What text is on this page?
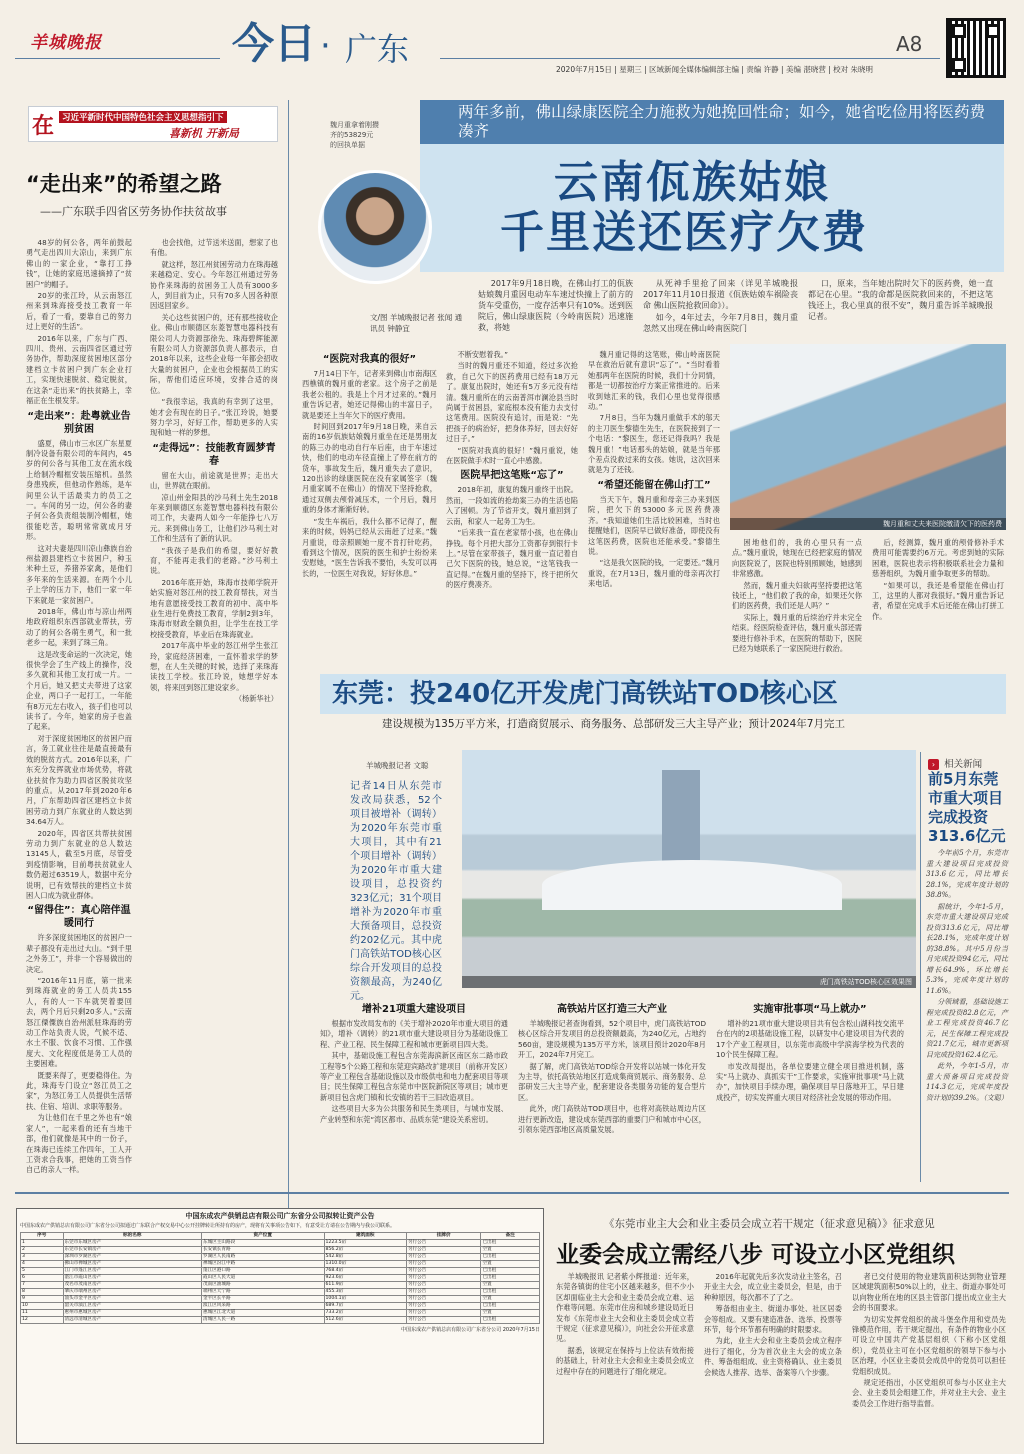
羊城晚报	今日 · 广东	A8
2020年7月15日 | 星期三 | 区域新闻全媒体编辑部主编 | 责编 许静 | 美编 湛晓营 | 校对 朱晓明
在 习近平新时代中国特色社会主义思想指引下
喜新机 开新局
“走出来”的希望之路
——广东联手四省区劳务协作扶贫故事

48岁的何公各，两年前鼓起勇气走出四川大凉山，来到广东佛山的一家企业，“靠打工挣钱”，让她的家庭迅速摘掉了“贫困户”的帽子。

20岁的张江玲，从云南怒江州来到珠海接受技工教育一年后，看了一看，要靠自己的努力过上更好的生活”。

2016年以来，广东与广西、四川、贵州、云南四省区通过劳务协作，帮助深度贫困地区部分建档立卡贫困户到广东企业打工，实现快速脱贫、稳定脱贫，在这条“走出来”的扶贫路上，幸福正在生根发芽。

“走出来”：赴粤就业告别贫困

盛夏，佛山市三水区广东星夏制冷设备有限公司的车间内，45岁的何公各与其他工友在流水线上给制冷帽框安装压缩机。虽然身患残疾，但他动作熟练，是车间里公认干活最卖力的员工之一。车间的另一边，何公各的妻子何公各负责组装制冷帽框，她很能吃苦，聪明常常就成月牙形。

这对夫妻是四川凉山彝族自治州盐源县建档立卡贫困户，种玉米种土豆，养猪养家禽，是他们多年来的生活来源。在两个小儿子上学的压力下，他们一家一年下来就是一家贫困户。

2018年，佛山市与凉山州两地政府组织东西部就业帮扶，劳动了的何公各萌生勇气，和一批老乡一起，来到了珠三角。

这是改变命运的一次决定，她很快学会了生产线上的操作，没多久就和其他工友打成一片。一个月后，她又把丈夫带进了这家企业，两口子一起打工，一年能有8万元左右收入，孩子们也可以读书了。今年，她家的房子也盖了起来。

对于深度贫困地区的贫困户而言，务工就业往往是最直接最有效的脱贫方式。2016年以来，广东充分发挥就业市场优势，将就业扶贫作为助力四省区脱贫攻坚的重点。从2017年到2020年6月，广东帮助四省区建档立卡贫困劳动力到广东就业的人数达到34.64万人。

2020年，四省区共帮扶贫困劳动力到广东就业的总人数达13145人，截至5月底，尽管受到疫情影响，目前粤扶贫就业人数仍超过63519人，数据中充分说明，已有效帮扶的建档立卡贫困人口成为就业群体。

“留得住”：真心陪伴温暖同行

许多深度贫困地区的贫困户一辈子都没有走出过大山。“到千里之外务工”，并非一个容易做出的决定。

“2016年11月底，第一批来到珠海就业的务工人员共155人，有的人一下车就哭着要回去，两个月后只剩20多人。”云南怒江傈僳族自治州派驻珠海的劳动工作站负责人说，气候不适、水土不服、饮食不习惯、工作强度大、文化程度低是务工人员的主要困难。

既要来得了，更要稳得住。为此，珠海专门设立“怒江员工之家”，为怒江务工人员提供生活帮扶、住宿、培训、求职等服务。

为让他们在千里之外也有“娘家人”，一起来看的还有当地干部，他们就像是其中的一份子，在珠海已连续工作四年，工人开工资求合我事，把她的工资当作自己的亲人一样。

也会找他，过节送米送面，想家了也有他。

就这样，怒江州贫困劳动力在珠海越来越稳定、安心。今年怒江州通过劳务协作来珠海的贫困务工人员有3000多人，到目前为止，只有70多人因各种原因返回家乡。

关心这些贫困户的，还有那些接收企业。佛山市顺德区东菱智慧电器科技有限公司人力资源部徐先、珠海碧辉能源有限公司人力资源部负责人都表示，自2018年以来，这些企业每一年都会招收大量的贫困户，企业也会根据员工的实际，帮他们适应环境，安排合适的岗位。

“我很幸运，我真的有幸到了这里，她才会有现在的日子。”张江玲说，她要努力学习，好好工作，帮助更多的人实现和她一样的梦想。

“走得远”：技能教育圆梦青春

留在大山，前途就是世界；走出大山，世界就在眼前。

凉山州金阳县的沙马利土先生2018年来到顺德区东菱智慧电器科技有限公司工作，夫妻两人如今一年能挣七八万元。来到佛山务工，让他们沙马利土对工作和生活有了新的认识。

“我孩子是我们的希望，要好好教育，不能再走我们的老路。”沙马利土说。

2016年底开始，珠海市技师学院开始实施对怒江州的技工教育帮扶，对当地有意愿接受技工教育的初中、高中毕业生进行免费技工教育，学制2到3年，珠海市财政全额负担，让学生在技工学校接受教育，毕业后在珠海就业。

2017年高中毕业的怒江州学生张江玲，家庭经济困难，一直怀着求学的梦想，在人生关键的时候，选择了来珠海读技工学校。张江玲说，她想学好本领，将来回到怒江建设家乡。

（杨新华社）

两年多前，佛山绿康医院全力施救为她挽回性命；如今，她省吃俭用将医药费凑齐
云南佤族姑娘
千里送还医疗欠费
魏月重拿着刚攒齐的53829元的回执单据
文/图 羊城晚报记者 张闻 通讯员 钟静宜

2017年9月18日晚，在佛山打工的佤族姑娘魏月重因电动车车速过快撞上了前方的货车受重伤，一度存活率只有10%。送到医院后，佛山绿康医院（今岭南医院）迅速施救，将她

从死神手里抢了回来（详见羊城晚报2017年11月10日报道《佤族姑娘车祸险丧命 佛山医院抢救回命》）。

如今，4年过去，今年7月8日，魏月重忽然又出现在佛山岭南医院门

口，原来，当年她出院时欠下的医药费，她一直都记在心里。“我的命都是医院救回来的，不把这笔钱还上，我心里真的很不安”，魏月重告诉羊城晚报记者。

“医院对我真的很好”

7月14日下午，记者来到佛山市南海区西樵镇的魏月重的老家。这个房子之前是我老公租的。我是上个月才过来的。”魏月重告诉记者，她还记得佛山的丰富日子，就是要还上当年欠下的医疗费用。

时间回到2017年9月18日晚，来自云南的16岁佤族姑娘魏月重坐在还是男朋友的陈三办的电动自行车后座，由于车速过快，他们的电动车径直撞上了停在前方的货车，事故发生后，魏月重失去了意识，120出诊的绿康医院在没有家属签字（魏月重家属不在佛山）的情况下坚持抢救，通过双侧去颅骨减压术，一个月后，魏月重的身体才渐渐好转。

“发生车祸后，我什么都不记得了，醒来的时候，妈妈已经从云南赶了过来。”魏月重说，母亲照顾她一度不肯打针吃药，看到这个情况，医院的医生和护士纷纷来安慰她，“医生告诉我不要怕，头发可以再长的，一位医生对我说，好好休息。”

不断安慰着我。”

当时的魏月重还不知道，经过多次抢救，自己欠下的医药费用已经有18万元了。康复出院时，她还有5万多元没有结清。魏月重所在的云南普洱市澜沧县当时尚属于贫困县，家庭根本没有能力去支付这笔费用。医院没有追讨，而是说：“先把孩子的病治好，把身体养好，回去好好过日子。”

“医院对我真的很好！”魏月重说，她在医院做手术时一直心中感激。

医院早把这笔账“忘了”

2018年初，康复的魏月重终于出院。然而，一段如流的抢劫案三办的生活也陷入了困顿。为了节省开支，魏月重回到了云南，和家人一起务工为生。

“后来我一直在老家帮小孩，也在佛山挣钱。每个月把大部分工资都存到银行卡上。”尽管在家带孩子，魏月重一直记着自己欠下医院的钱，她总说，“这笔钱我一直记得。”在魏月重的坚持下，终于把所欠的医疗费凑齐。

魏月重记得的这笔账，佛山岭南医院早在救治后就有意识“忘了”。“当时看着她那两年在医院的时候，我们十分同情，都是一切都按治疗方案正常推进的。后来收到她汇来的钱，我们心里也觉得很感动。”

7月8日，当年为魏月重做手术的邬天的主刀医生黎德生先生，在医院接到了一个电话：“黎医生，您还记得我吗？我是魏月重！”电话那头的姑娘，就是当年那个差点没救过来的女孩。她说，这次回来就是为了还钱。

“希望还能留在佛山打工”

当天下午，魏月重和母亲三办来到医院，把欠下的53000多元医药费凑齐。“我知道她们生活比较困难，当时也提醒她们，医院早已做好准备，即使没有这笔医药费，医院也还能承受。”黎德生说。

“这是我欠医院的钱，一定要还。”魏月重说，在7月13日，魏月重的母亲再次打来电话。

魏月重和丈夫来医院缴清欠下的医药费

困地他们的，我的心里只有一点点。”魏月重说，她现在已经把家庭的情况向医院说了，医院也特别照顾她，她感到非常感激。

然而，魏月重夫妇欲再坚持要把这笔钱还上，“他们救了我的命，如果还欠你们的医药费，我们还是人吗？”

实际上，魏月重的后续治疗并未完全结束。经医院检查评估，魏月重头部还需要进行修补手术，在医院的帮助下，医院已经为她联系了一家医院进行救治。

后，经测算，魏月重的颅骨修补手术费用可能需要约6万元。考虑到她的实际困难，医院也表示将积极联系社会力量和慈善组织，为魏月重争取更多的帮助。

“如果可以，我还是希望能在佛山打工，这里的人都对我很好。”魏月重告诉记者，希望在完成手术后还能在佛山打拼工作。

东莞：投240亿开发虎门高铁站TOD核心区
建设规模为135万平方米，打造商贸展示、商务服务、总部研发三大主导产业；预计2024年7月完工
羊城晚报记者 文聪
记者14日从东莞市发改局获悉，52个项目被增补（调转）为2020年东莞市重大项目，其中有21个项目增补（调转）为2020年市重大建设项目，总投资约323亿元；31个项目增补为2020年市重大预备项目，总投资约202亿元。其中虎门高铁站TOD核心区综合开发项目的总投资额最高，为240亿元。
虎门高铁站TOD核心区效果图
增补21项重大建设项目

根据市发改局发布的《关于增补2020年市重大项目的通知》，增补（调转）的21项市重大建设项目分为基础设施工程、产业工程、民生保障工程和城市更新项目四大类。

其中，基础设施工程包含东莞海滨新区南区东二路市政工程等5个公路工程和东莞迎宾路改扩建项目（前称开发区）等产业工程包含基础设施以及市级供电和电力配套项目等项目；民生保障工程包含东莞市中医院新院区等项目；城市更新项目包含虎门镇和长安镇的若干三旧改造项目。

这些项目大多为公共服务和民生类项目，与城市发展、产业转型和东莞“湾区都市、品质东莞”建设关系密切。

高铁站片区打造三大产业

羊城晚报记者查询看到，52个项目中，虎门高铁站TOD核心区综合开发项目的总投资额最高，为240亿元，占地约560亩，建设规模为135万平方米，该项目预计2020年8月开工，2024年7月完工。

据了解，虎门高铁站TOD综合开发将以站城一体化开发为主导，依托高铁站地区打造成集商贸展示、商务服务、总部研发三大主导产业，配套建设各类服务功能的复合型片区。

此外，虎门高铁站TOD项目中，也将对高铁站周边片区进行更新改造，建设成东莞西部的重要门户和城市中心区，引领东莞西部地区高质量发展。

实施审批事项“马上就办”

增补的21项市重大建设项目共有包含松山湖科技交流平台在内的2项基础设施工程，以研发中心建设项目为代表的17个产业工程项目，以东莞市高级中学滨海学校为代表的10个民生保障工程。

市发改局提出，各单位要建立健全项目推进机制，落实“马上就办、真抓实干”工作要求，实施审批事项“马上就办”，加快项目手续办理，确保项目早日落地开工，早日建成投产，切实发挥重大项目对经济社会发展的带动作用。

› 相关新闻
前5月东莞市重大项目完成投资313.6亿元

今年前5个月，东莞市重大建设项目完成投资313.6亿元，同比增长28.1%，完成年度计划的38.8%。

据统计，今年1-5月，东莞市重大建设项目完成投资313.6亿元，同比增长28.1%，完成年度计划的38.8%。其中5月份当月完成投资94亿元，同比增长64.9%，环比增长5.3%，完成年度计划的11.6%。

分领域看，基础设施工程完成投资82.8亿元，产业工程完成投资46.7亿元，民生保障工程完成投资21.7亿元，城市更新项目完成投资162.4亿元。

此外，今年1-5月，市重大预备项目完成投资114.3亿元，完成年度投资计划的39.2%。（文聪）

中国东成农产供销总店有限公司广东省分公司拟转让资产公告
中国东成农产供销总店有限公司广东省分公司拟通过广东联合产权交易中心公开挂牌转让所持有的房产，现将有关事项公告如下，有意受让方请在公告期内与我公司联系。
序号	标的名称	资产位置	建筑面积	挂牌价	备注
1	东莞市东城区房产	东城区主山路段	1223.5㎡	另行公告	已出租
2	东莞市长安镇房产	长安镇长青路	856.2㎡	另行公告	空置
3	深圳市罗湖区房产	罗湖区人民南路	542.8㎡	另行公告	已出租
4	佛山市禅城区房产	禅城区汾江中路	1310.0㎡	另行公告	空置
5	江门市蓬江区房产	蓬江区港口路	768.4㎡	另行公告	已出租
6	湛江市霞山区房产	霞山区人民大道	923.6㎡	另行公告	已出租
7	茂名市茂南区房产	茂南区油城路	611.9㎡	另行公告	空置
8	肇庆市端州区房产	端州区天宁路	455.3㎡	另行公告	已出租
9	汕头市金平区房产	金平区长平路	1004.1㎡	另行公告	空置
10	韶关市浈江区房产	浈江区风采路	689.7㎡	另行公告	已出租
11	惠州市惠城区房产	惠城区江北大道	733.2㎡	另行公告	空置
12	清远市清城区房产	清城区人民一路	512.6㎡	另行公告	已出租
中国东成农产供销总店有限公司广东省分公司 2020年7月15日
《东莞市业主大会和业主委员会成立若干规定（征求意见稿）》征求意见
业委会成立需经八步 可设立小区党组织

羊城晚报讯 记者紫小辉报道：近年来，东莞各镇街的住宅小区越来越多，但不少小区却面临业主大会和业主委员会成立难、运作难等问题。东莞市住房和城乡建设局近日发布《东莞市业主大会和业主委员会成立若干规定（征求意见稿）》，向社会公开征求意见。

据悉，该规定在保持与上位法有效衔接的基础上，针对业主大会和业主委员会成立过程中存在的问题进行了细化规定。

2016年起就先后多次发动业主签名，召开业主大会，成立业主委员会，但是，由于种种原因，每次都不了了之。

筹备组由业主、街道办事处、社区居委会等组成。又要有建造准备、选举、投票等环节，每个环节都有明确的时限要求。

为此，业主大会和业主委员会成立程序进行了细化，分为首次业主大会的成立条件、筹备组组成、业主资格确认、业主委员会候选人推荐、选举、备案等八个步骤。

者已交付使用的物业建筑面积达到物业管理区域建筑面积50%以上的，业主、街道办事处可以向物业所在地的区县主管部门提出成立业主大会的书面要求。

为切实发挥党组织的战斗堡垒作用和党员先锋模范作用，若干规定提出，有条件的物业小区可设立中国共产党基层组织（下称小区党组织），党员业主可在小区党组织的领导下参与小区治理，小区业主委员会成员中的党员可以担任党组织成员。

规定还指出，小区党组织可参与小区业主大会、业主委员会组建工作，并对业主大会、业主委员会工作进行指导监督。
